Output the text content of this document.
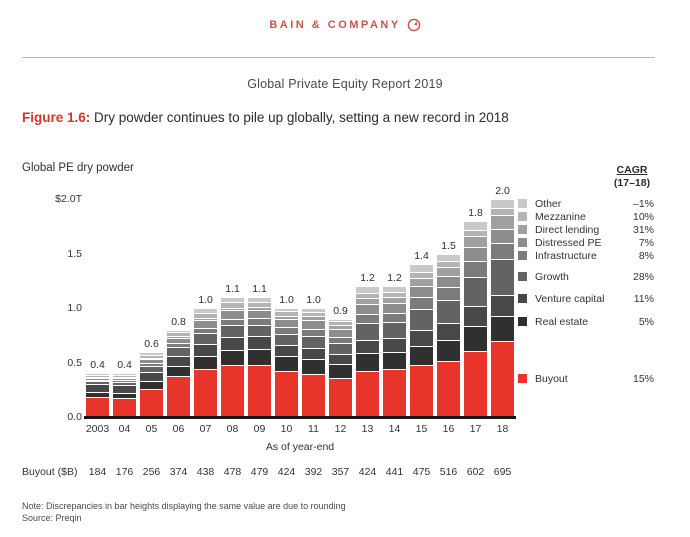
BAIN & COMPANY
Global Private Equity Report 2019
Figure 1.6: Dry powder continues to pile up globally, setting a new record in 2018
Global PE dry powder
$2.0T
1.5
1.0
0.5
0.0
0.4	0.4
0.6
0.8
1.0
1.1	1.1
1.0	1.0
0.9
1.2	1.2
1.4
1.5
1.8
2.0
2003 04	05	06	07	08	09	10	11	12	13	14	15	16	17	18
As of year-end
Buyout ($B) 184 176 256 374 438 478 479 424 392 357 424 441 475 516 602 695
CAGR
(17–18)
Other	–1%
Mezzanine	10%
Direct lending	31%
Distressed PE	7%
Infrastructure	8%
Growth	28%
Venture capital	11%
Real estate	5%
Buyout	15%
Note: Discrepancies in bar heights displaying the same value are due to rounding
Source: Preqin
